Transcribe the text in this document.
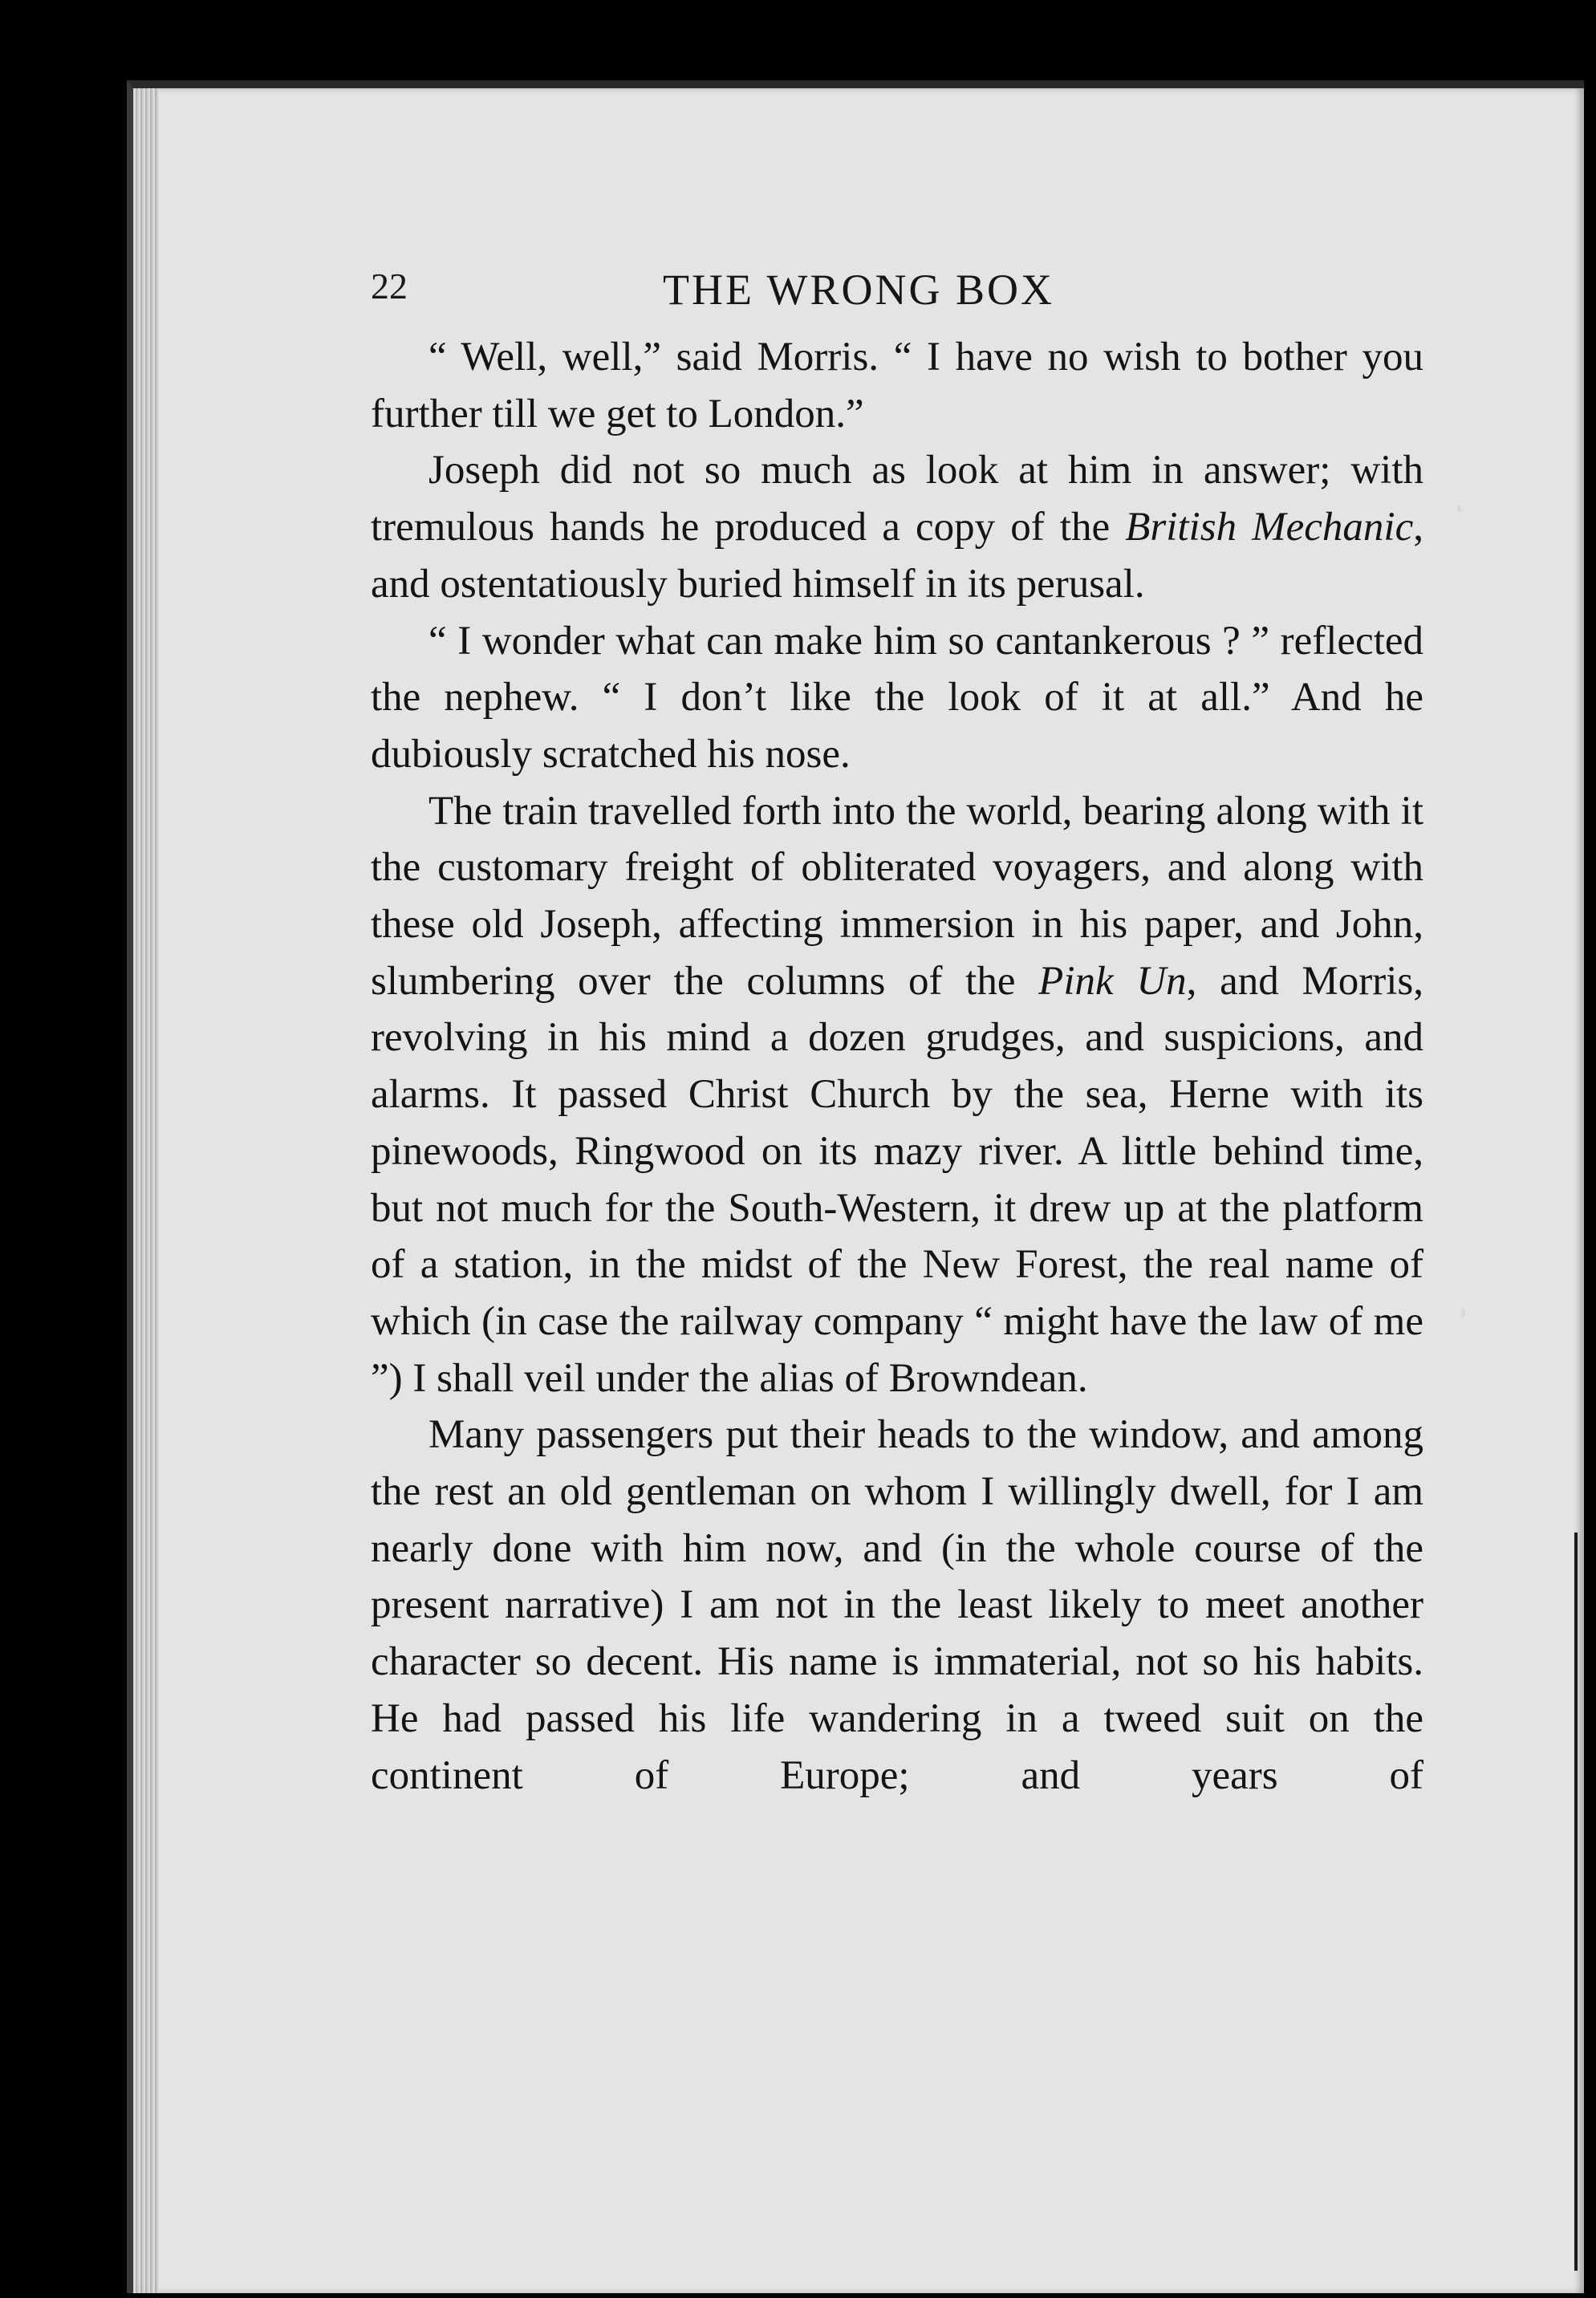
22	THE WRONG BOX

“ Well, well,” said Morris. “ I have no wish to bother you further till we get to London.”

Joseph did not so much as look at him in answer; with tremulous hands he produced a copy of the British Mechanic, and ostentatiously buried himself in its perusal.

“ I wonder what can make him so cantankerous ? ” reflected the nephew. “ I don’t like the look of it at all.” And he dubiously scratched his nose.

The train travelled forth into the world, bearing along with it the customary freight of obliterated voyagers, and along with these old Joseph, affecting immersion in his paper, and John, slumbering over the columns of the Pink Un, and Morris, revolving in his mind a dozen grudges, and suspicions, and alarms. It passed Christ Church by the sea, Herne with its pinewoods, Ringwood on its mazy river. A little behind time, but not much for the South-Western, it drew up at the platform of a station, in the midst of the New Forest, the real name of which (in case the railway company “ might have the law of me ”) I shall veil under the alias of Browndean.

Many passengers put their heads to the window, and among the rest an old gentleman on whom I willingly dwell, for I am nearly done with him now, and (in the whole course of the present narrative) I am not in the least likely to meet another character so decent. His name is immaterial, not so his habits. He had passed his life wandering in a tweed suit on the continent of Europe; and years of
